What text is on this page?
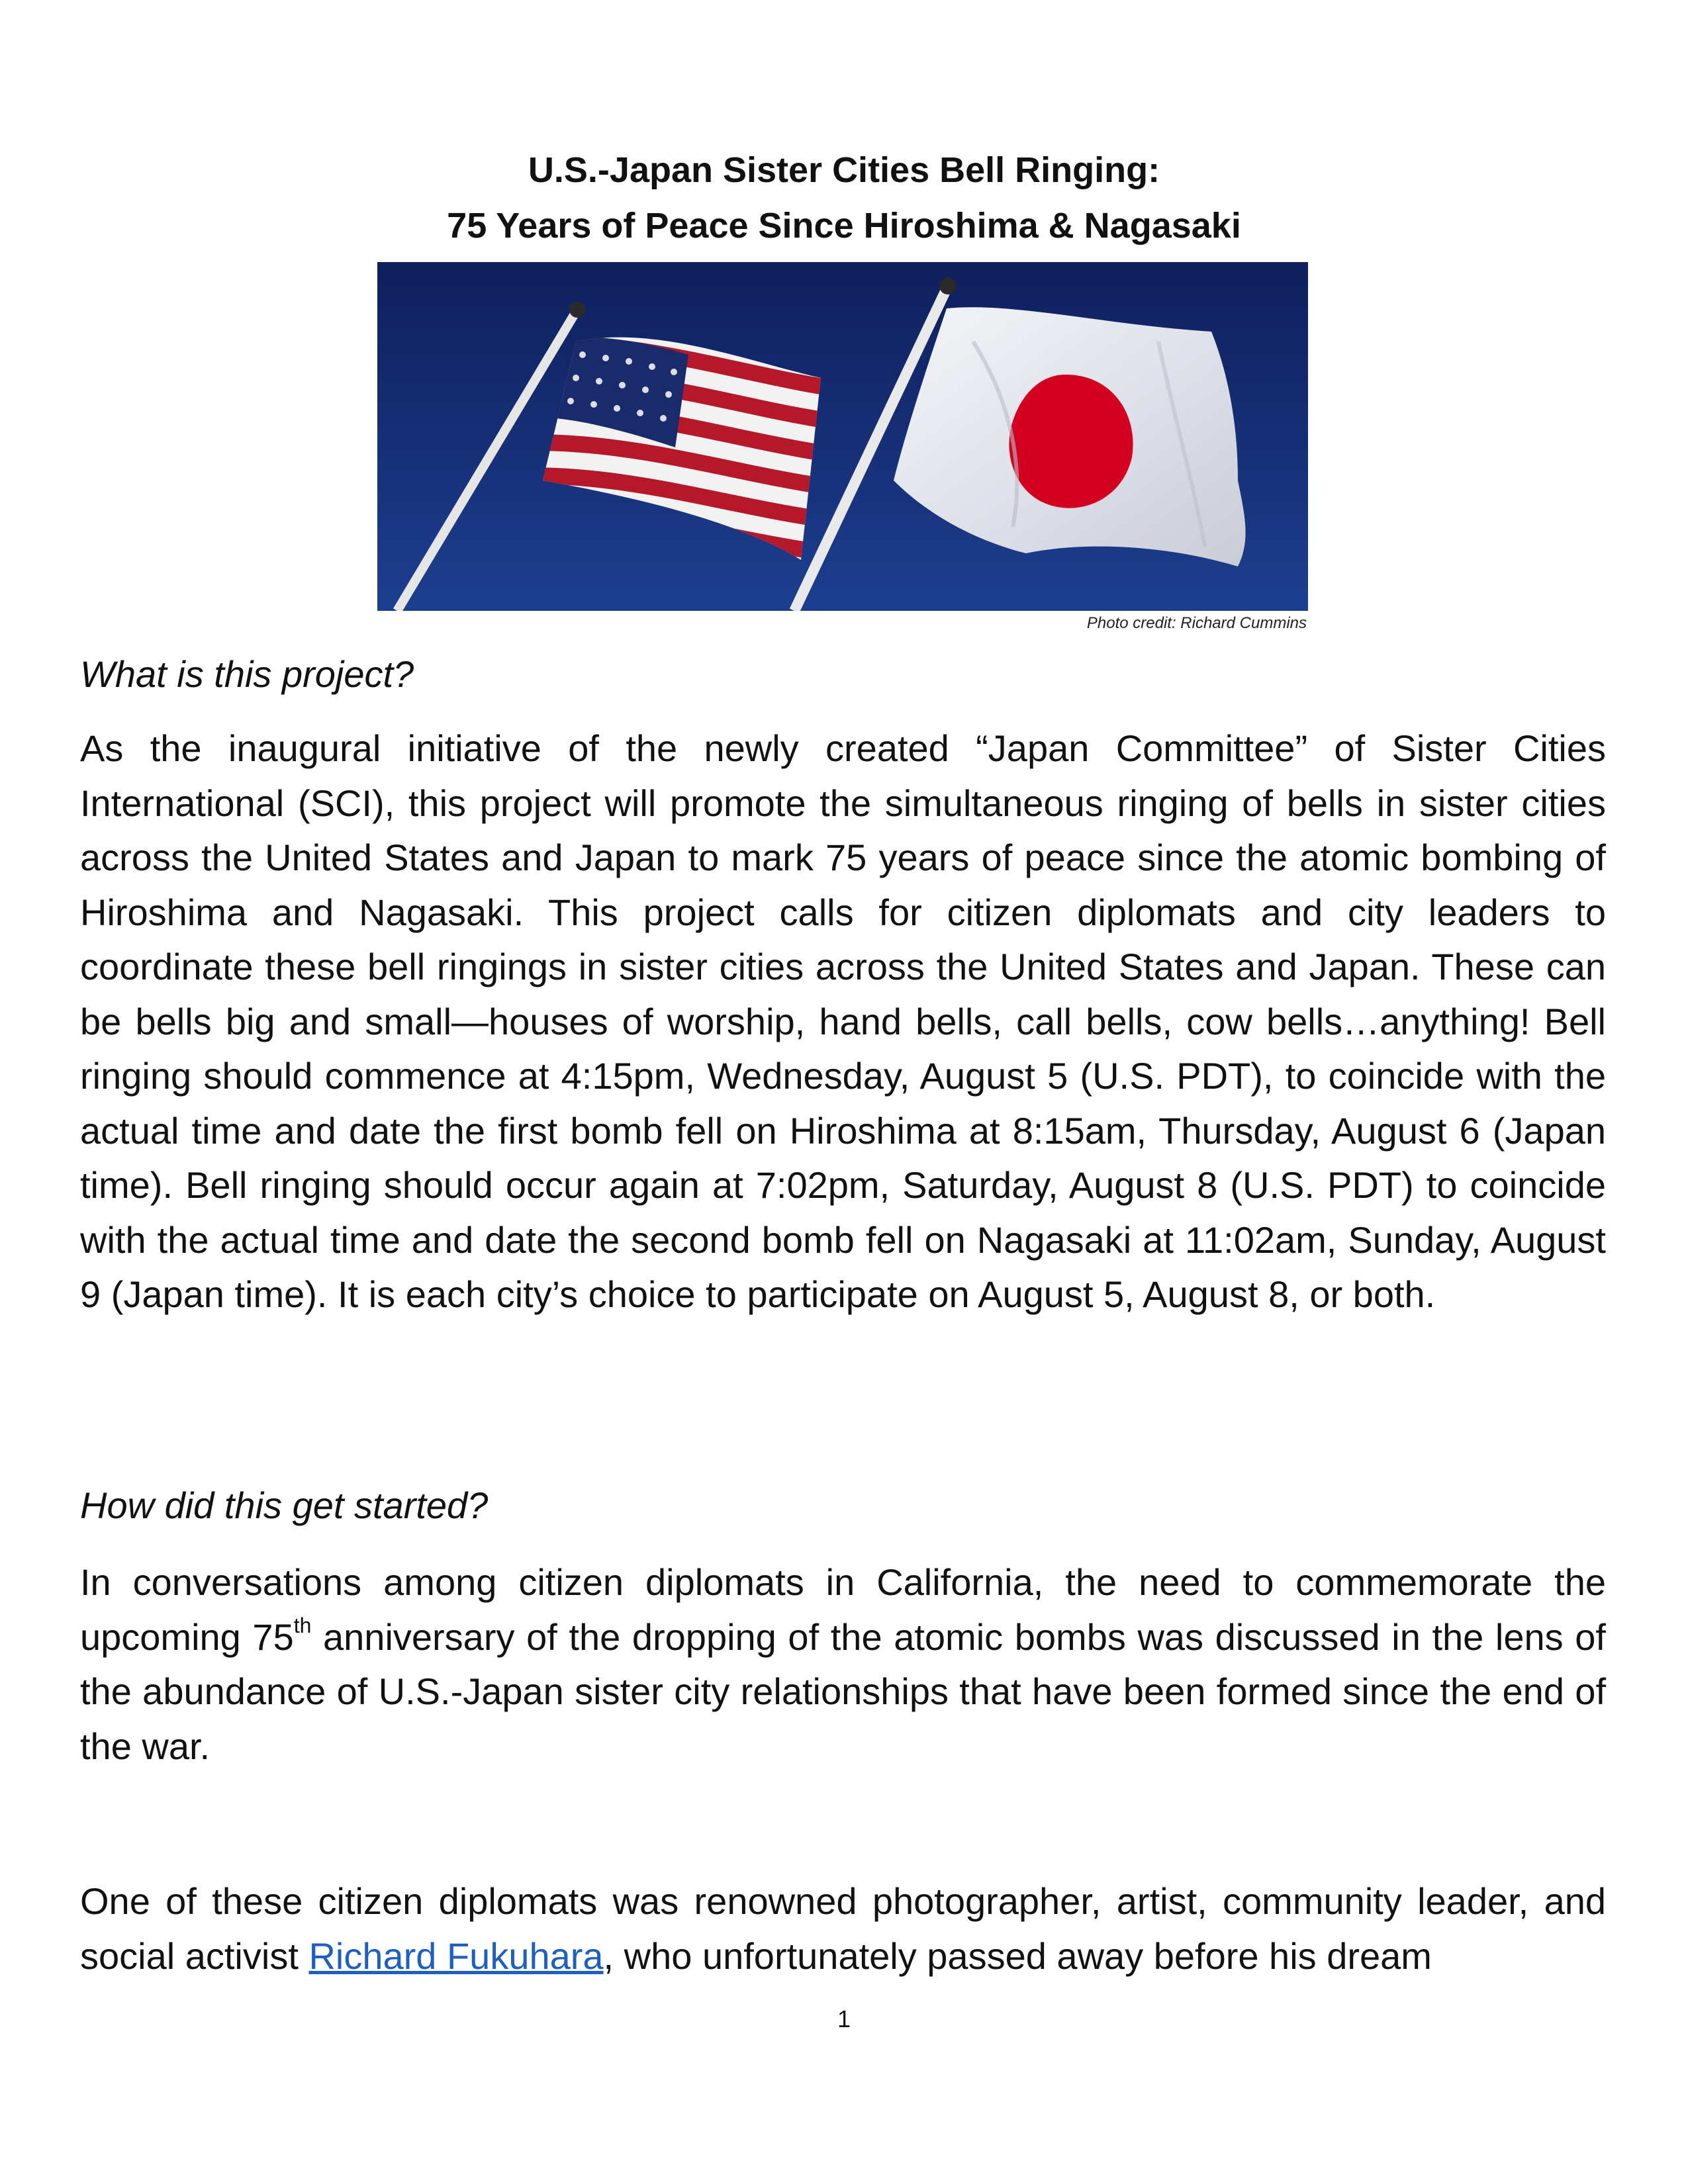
U.S.-Japan Sister Cities Bell Ringing:
75 Years of Peace Since Hiroshima & Nagasaki
Photo credit: Richard Cummins
What is this project?

As the inaugural initiative of the newly created “Japan Committee” of Sister Cities International (SCI), this project will promote the simultaneous ringing of bells in sister cities across the United States and Japan to mark 75 years of peace since the atomic bombing of Hiroshima and Nagasaki. This project calls for citizen diplomats and city leaders to coordinate these bell ringings in sister cities across the United States and Japan. These can be bells big and small—houses of worship, hand bells, call bells, cow bells…anything! Bell ringing should commence at 4:15pm, Wednesday, August 5 (U.S. PDT), to coincide with the actual time and date the first bomb fell on Hiroshima at 8:15am, Thursday, August 6 (Japan time). Bell ringing should occur again at 7:02pm, Saturday, August 8 (U.S. PDT) to coincide with the actual time and date the second bomb fell on Nagasaki at 11:02am, Sunday, August 9 (Japan time). It is each city’s choice to participate on August 5, August 8, or both.

How did this get started?

In conversations among citizen diplomats in California, the need to commemorate the upcoming 75th anniversary of the dropping of the atomic bombs was discussed in the lens of the abundance of U.S.-Japan sister city relationships that have been formed since the end of the war.

One of these citizen diplomats was renowned photographer, artist, community leader, and social activist Richard Fukuhara, who unfortunately passed away before his dream

1
